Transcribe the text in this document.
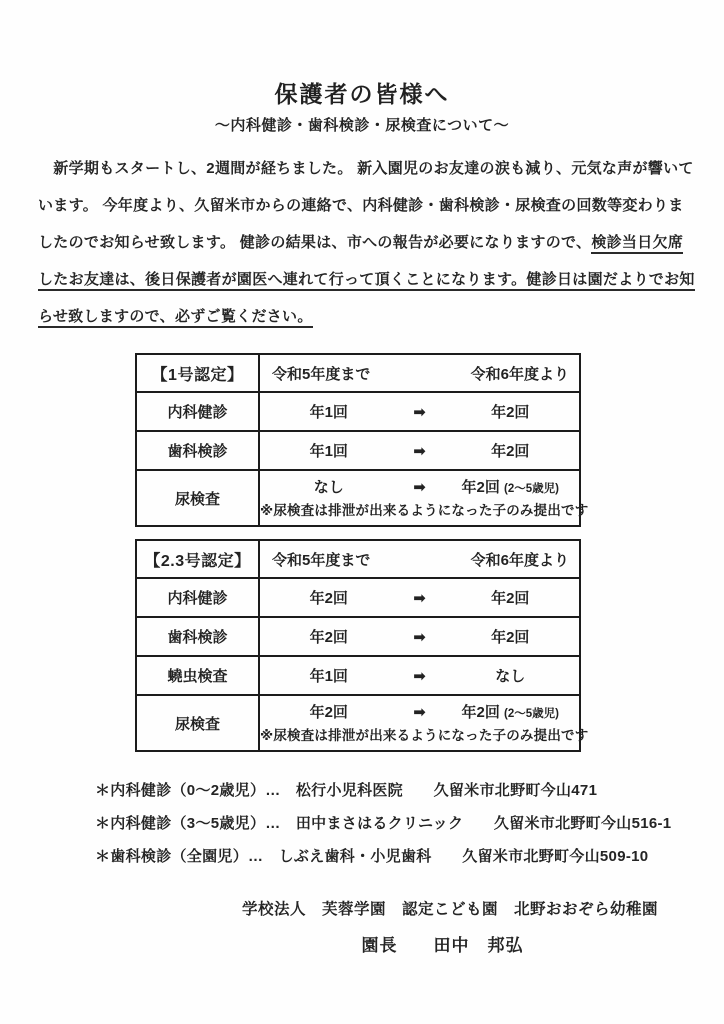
保護者の皆様へ
〜内科健診・歯科検診・尿検査について〜
　新学期もスタートし、2週間が経ちました。 新入園児のお友達の涙も減り、元気な声が響いて
います。 今年度より、久留米市からの連絡で、内科健診・歯科検診・尿検査の回数等変わりま
したのでお知らせ致します。 健診の結果は、市への報告が必要になりますので、検診当日欠席
したお友達は、後日保護者が園医へ連れて行って頂くことになります。健診日は園だよりでお知
らせ致しますので、必ずご覧ください。
【1号認定】	令和5年度まで 令和6年度より

内科健診	年1回 ➡ 年2回

歯科検診	年1回 ➡ 年2回

尿検査	なし ➡ 年2回 (2〜5歳児)
※尿検査は排泄が出来るようになった子のみ提出です
【2.3号認定】	令和5年度まで 令和6年度より

内科健診	年2回 ➡ 年2回

歯科検診	年2回 ➡ 年2回

蟯虫検査	年1回 ➡ なし

尿検査	年2回 ➡ 年2回 (2〜5歳児)
※尿検査は排泄が出来るようになった子のみ提出です
＊内科健診（0〜2歳児）…　松行小児科医院　　久留米市北野町今山471
＊内科健診（3〜5歳児）…　田中まさはるクリニック　　久留米市北野町今山516-1
＊歯科検診（全園児）…　しぶえ歯科・小児歯科　　久留米市北野町今山509-10
学校法人　芙蓉学園　認定こども園　北野おおぞら幼稚園
園長　　田中　邦弘
